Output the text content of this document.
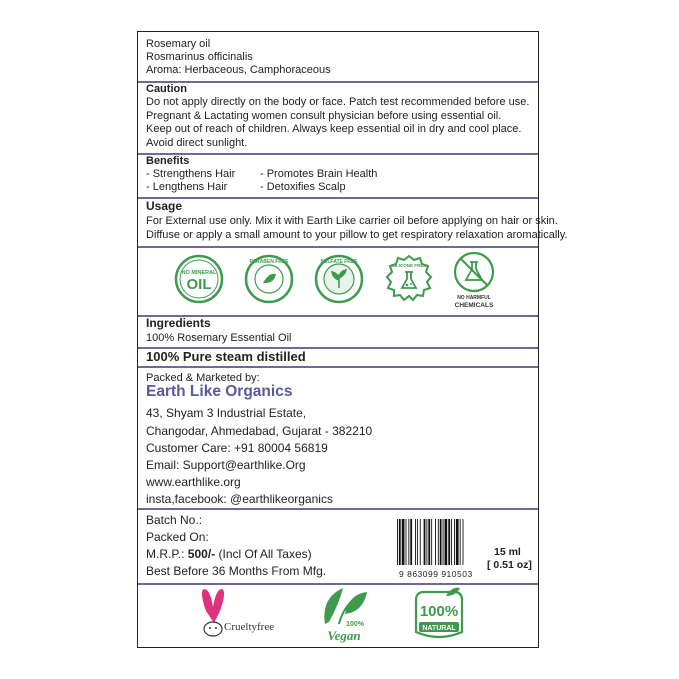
Rosemary oil
Rosmarinus officinalis
Aroma: Herbaceous, Camphoraceous
Caution
Do not apply directly on the body or face. Patch test recommended before use.
Pregnant & Lactating women consult physician before using essential oil.
Keep out of reach of children. Always keep essential oil in dry and cool place.
Avoid direct sunlight.
Benefits
- Strengthens Hair
- Lengthens Hair
- Promotes Brain Health
- Detoxifies Scalp
Usage
For External use only. Mix it with Earth Like carrier oil before applying on hair or skin.
Diffuse or apply a small amount to your pillow to get respiratory relaxation aromatically.
NO MINERAL
OIL
PARABEN FREE	SULFATE FREE
SILICONE FREE
NO HARMFUL
CHEMICALS
Ingredients
100% Rosemary Essential Oil
100% Pure steam distilled
Packed & Marketed by:
Earth Like Organics
43, Shyam 3 Industrial Estate,
Changodar, Ahmedabad, Gujarat - 382210
Customer Care: +91 80004 56819
Email: Support@earthlike.Org
www.earthlike.org
insta,facebook: @earthlikeorganics
Batch No.:
Packed On:
M.R.P.: 500/- (Incl Of All Taxes)
Best Before 36 Months From Mfg.	9 863099 910503
15 ml
[ 0.51 oz]
Crueltyfree	100%
Vegan
100%
NATURAL
